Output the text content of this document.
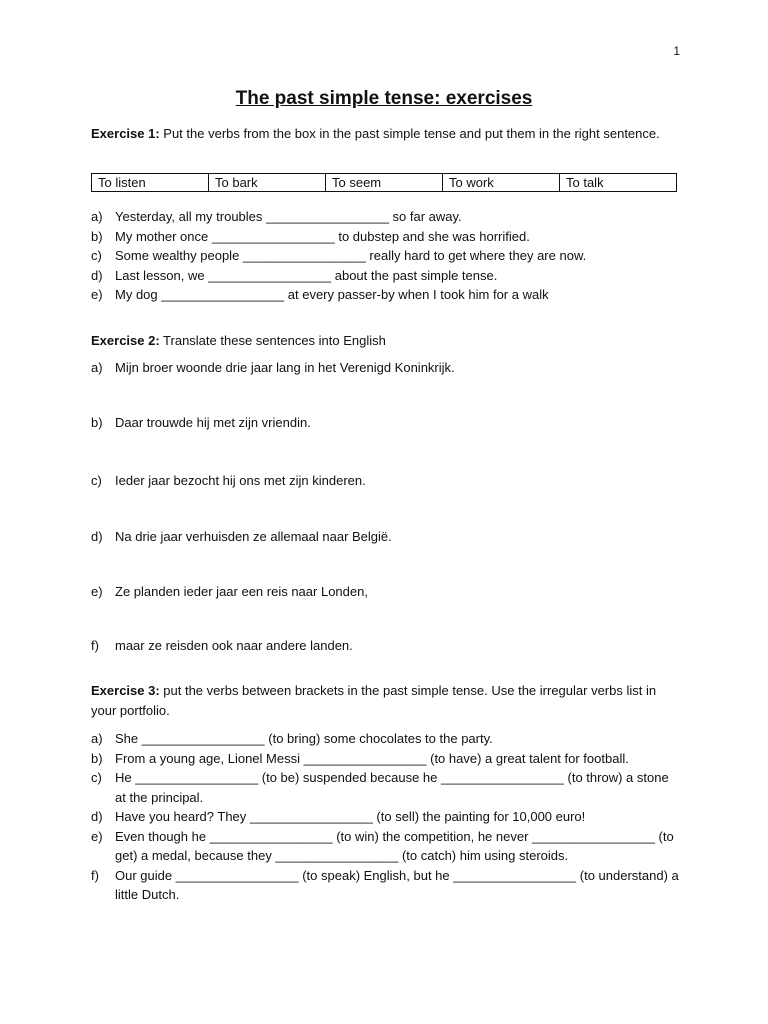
1
The past simple tense: exercises

Exercise 1: Put the verbs from the box in the past simple tense and put them in the right sentence.

To listen	To bark	To seem	To work	To talk
a) Yesterday, all my troubles _________________ so far away.
b) My mother once _________________ to dubstep and she was horrified.
c) Some wealthy people _________________ really hard to get where they are now.
d) Last lesson, we _________________ about the past simple tense.
e) My dog _________________ at every passer-by when I took him for a walk

Exercise 2: Translate these sentences into English

a) Mijn broer woonde drie jaar lang in het Verenigd Koninkrijk.
b) Daar trouwde hij met zijn vriendin.
c) Ieder jaar bezocht hij ons met zijn kinderen.
d) Na drie jaar verhuisden ze allemaal naar België.
e) Ze planden ieder jaar een reis naar Londen,
f) maar ze reisden ook naar andere landen.

Exercise 3: put the verbs between brackets in the past simple tense. Use the irregular verbs list in your portfolio.

a) She _________________ (to bring) some chocolates to the party.
b) From a young age, Lionel Messi _________________ (to have) a great talent for football.
c) He _________________ (to be) suspended because he _________________ (to throw) a stone at the principal.
d) Have you heard? They _________________ (to sell) the painting for 10,000 euro!
e) Even though he _________________ (to win) the competition, he never _________________ (to get) a medal, because they _________________ (to catch) him using steroids.
f) Our guide _________________ (to speak) English, but he _________________ (to understand) a little Dutch.
